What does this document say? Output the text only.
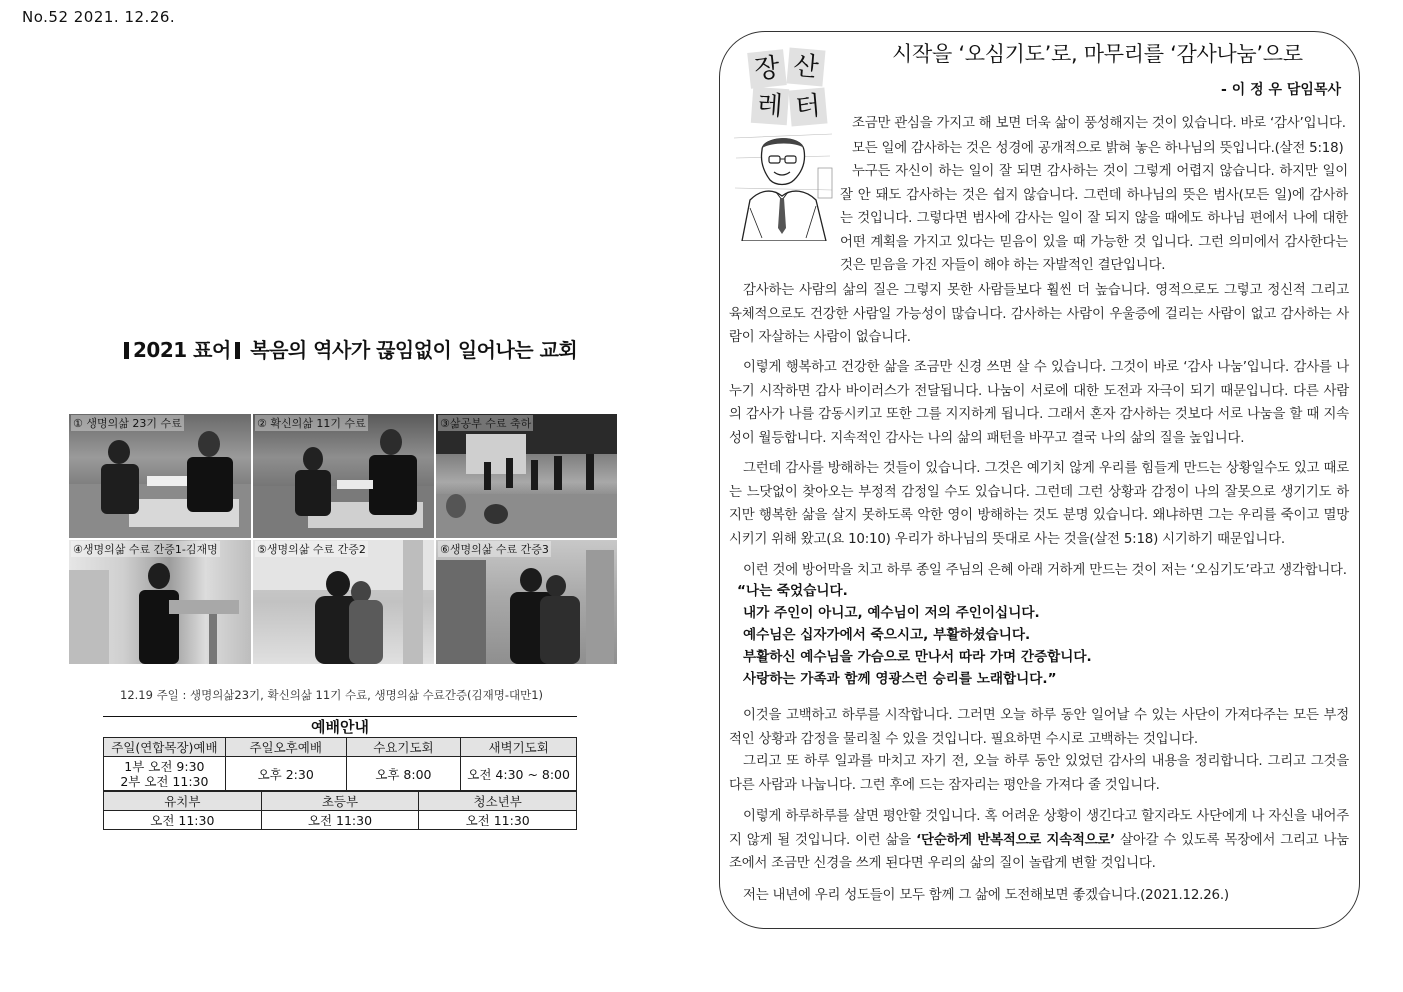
No.52 2021. 12.26.
2021 표어 복음의 역사가 끊임없이 일어나는 교회
① 생명의삶 23기 수료	② 확신의삶 11기 수료	③삶공부 수료 축하
④생명의삶 수료 간증1-김재명	⑤생명의삶 수료 간증2	⑥생명의삶 수료 간증3
12.19 주일 : 생명의삶23기, 확신의삶 11기 수료, 생명의삶 수료간증(김재명-대만1)
예배안내
주일(연합목장)예배	주일오후예배	수요기도회	새벽기도회

1부 오전 9:30
2부 오전 11:30	오후 2:30	오후 8:00	오전 4:30 ~ 8:00
유치부	초등부	청소년부
오전 11:30	오전 11:30	오전 11:30
장 산
레 터
시작을 ‘오심기도’로, 마무리를 ‘감사나눔’으로
- 이 정 우 담임목사
조금만 관심을 가지고 해 보면 더욱 삶이 풍성해지는 것이 있습니다. 바로 ‘감사’입니다.
모든 일에 감사하는 것은 성경에 공개적으로 밝혀 놓은 하나님의 뜻입니다.(살전 5:18)
누구든 자신이 하는 일이 잘 되면 감사하는 것이 그렇게 어렵지 않습니다. 하지만 일이 잘 안 돼도 감사하는 것은 쉽지 않습니다. 그런데 하나님의 뜻은 범사(모든 일)에 감사하는 것입니다. 그렇다면 범사에 감사는 일이 잘 되지 않을 때에도 하나님 편에서 나에 대한 어떤 계획을 가지고 있다는 믿음이 있을 때 가능한 것 입니다. 그런 의미에서 감사한다는 것은 믿음을 가진 자들이 해야 하는 자발적인 결단입니다.
감사하는 사람의 삶의 질은 그렇지 못한 사람들보다 훨씬 더 높습니다. 영적으로도 그렇고 정신적 그리고 육체적으로도 건강한 사람일 가능성이 많습니다. 감사하는 사람이 우울증에 걸리는 사람이 없고 감사하는 사람이 자살하는 사람이 없습니다.
이렇게 행복하고 건강한 삶을 조금만 신경 쓰면 살 수 있습니다. 그것이 바로 ‘감사 나눔’입니다. 감사를 나누기 시작하면 감사 바이러스가 전달됩니다. 나눔이 서로에 대한 도전과 자극이 되기 때문입니다. 다른 사람의 감사가 나를 감동시키고 또한 그를 지지하게 됩니다. 그래서 혼자 감사하는 것보다 서로 나눔을 할 때 지속성이 월등합니다. 지속적인 감사는 나의 삶의 패턴을 바꾸고 결국 나의 삶의 질을 높입니다.
그런데 감사를 방해하는 것들이 있습니다. 그것은 예기치 않게 우리를 힘들게 만드는 상황일수도 있고 때로는 느닷없이 찾아오는 부정적 감정일 수도 있습니다. 그런데 그런 상황과 감정이 나의 잘못으로 생기기도 하지만 행복한 삶을 살지 못하도록 악한 영이 방해하는 것도 분명 있습니다. 왜냐하면 그는 우리를 죽이고 멸망시키기 위해 왔고(요 10:10) 우리가 하나님의 뜻대로 사는 것을(살전 5:18) 시기하기 때문입니다.
이런 것에 방어막을 치고 하루 종일 주님의 은혜 아래 거하게 만드는 것이 저는 ‘오심기도’라고 생각합니다.
“나는 죽었습니다.
내가 주인이 아니고, 예수님이 저의 주인이십니다.
예수님은 십자가에서 죽으시고, 부활하셨습니다.
부활하신 예수님을 가슴으로 만나서 따라 가며 간증합니다.
사랑하는 가족과 함께 영광스런 승리를 노래합니다.”
이것을 고백하고 하루를 시작합니다. 그러면 오늘 하루 동안 일어날 수 있는 사단이 가져다주는 모든 부정적인 상황과 감정을 물리칠 수 있을 것입니다. 필요하면 수시로 고백하는 것입니다.
그리고 또 하루 일과를 마치고 자기 전, 오늘 하루 동안 있었던 감사의 내용을 정리합니다. 그리고 그것을 다른 사람과 나눕니다. 그런 후에 드는 잠자리는 평안을 가져다 줄 것입니다.
이렇게 하루하루를 살면 평안할 것입니다. 혹 어려운 상황이 생긴다고 할지라도 사단에게 나 자신을 내어주지 않게 될 것입니다. 이런 삶을 ‘단순하게 반복적으로 지속적으로’ 살아갈 수 있도록 목장에서 그리고 나눔 조에서 조금만 신경을 쓰게 된다면 우리의 삶의 질이 놀랍게 변할 것입니다.
저는 내년에 우리 성도들이 모두 함께 그 삶에 도전해보면 좋겠습니다.(2021.12.26.)
